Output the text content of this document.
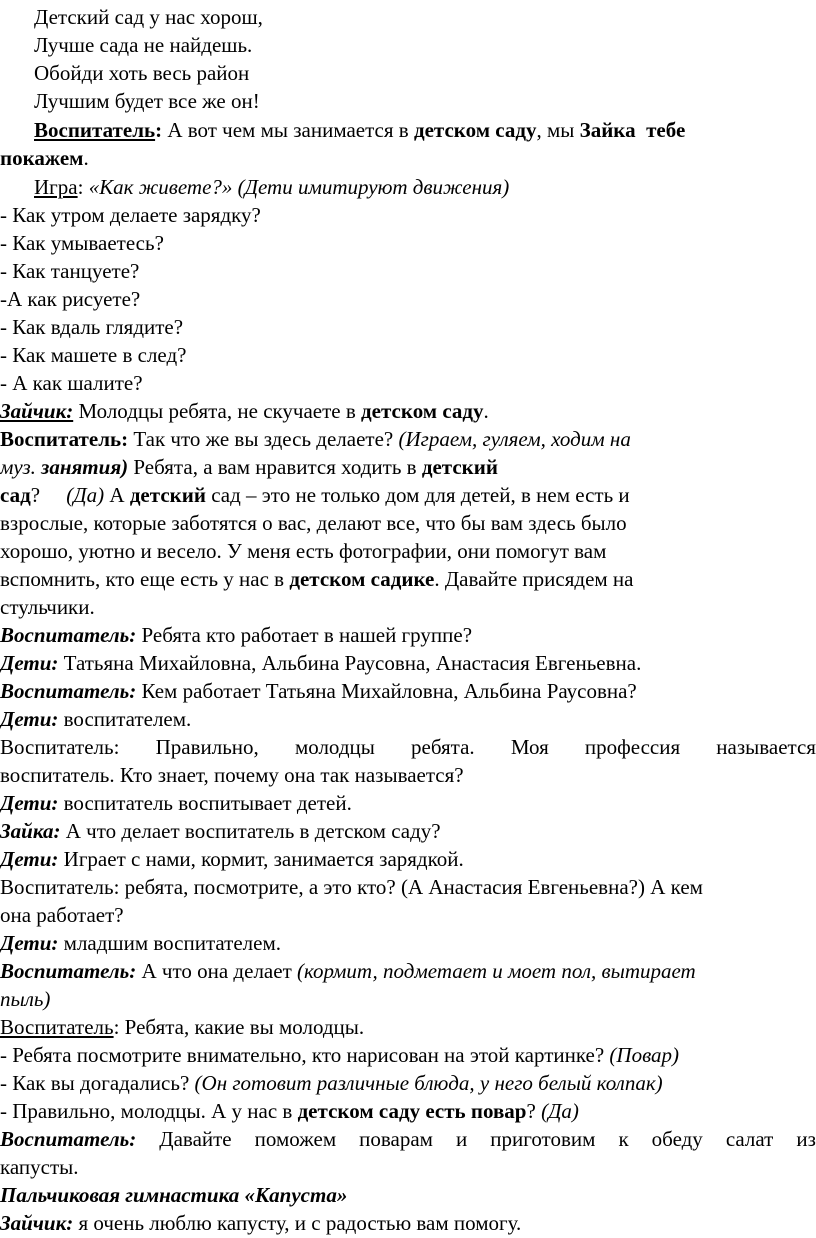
Детский сад у нас хорош,
Лучше сада не найдешь.
Обойди хоть весь район
Лучшим будет все же он!
Воспитатель: А вот чем мы занимается в детском саду, мы Зайка тебе
покажем.
Игра: «Как живете?» (Дети имитируют движения)
- Как утром делаете зарядку?
- Как умываетесь?
- Как танцуете?
-А как рисуете?
- Как вдаль глядите?
- Как машете в след?
- А как шалите?
Зайчик: Молодцы ребята, не скучаете в детском саду.
Воспитатель: Так что же вы здесь делаете? (Играем, гуляем, ходим на
муз. занятия) Ребята, а вам нравится ходить в детский
сад?     (Да) А детский сад – это не только дом для детей, в нем есть и
взрослые, которые заботятся о вас, делают все, что бы вам здесь было
хорошо, уютно и весело. У меня есть фотографии, они помогут вам
вспомнить, кто еще есть у нас в детском садике. Давайте присядем на
стульчики.
Воспитатель: Ребята кто работает в нашей группе?
Дети: Татьяна Михайловна, Альбина Раусовна, Анастасия Евгеньевна.
Воспитатель: Кем работает Татьяна Михайловна, Альбина Раусовна?
Дети: воспитателем.
Воспитатель: Правильно, молодцы ребята. Моя профессия называется
воспитатель. Кто знает, почему она так называется?
Дети: воспитатель воспитывает детей.
Зайка: А что делает воспитатель в детском саду?
Дети: Играет с нами, кормит, занимается зарядкой.
Воспитатель: ребята, посмотрите, а это кто? (А Анастасия Евгеньевна?) А кем
она работает?
Дети: младшим воспитателем.
Воспитатель: А что она делает (кормит, подметает и моет пол, вытирает
пыль)
Воспитатель: Ребята, какие вы молодцы.
- Ребята посмотрите внимательно, кто нарисован на этой картинке? (Повар)
- Как вы догадались? (Он готовит различные блюда, у него белый колпак)
- Правильно, молодцы. А у нас в детском саду есть повар? (Да)
Воспитатель: Давайте поможем поварам и приготовим к обеду салат из
капусты.
Пальчиковая гимнастика «Капуста»
Зайчик: я очень люблю капусту, и с радостью вам помогу.
